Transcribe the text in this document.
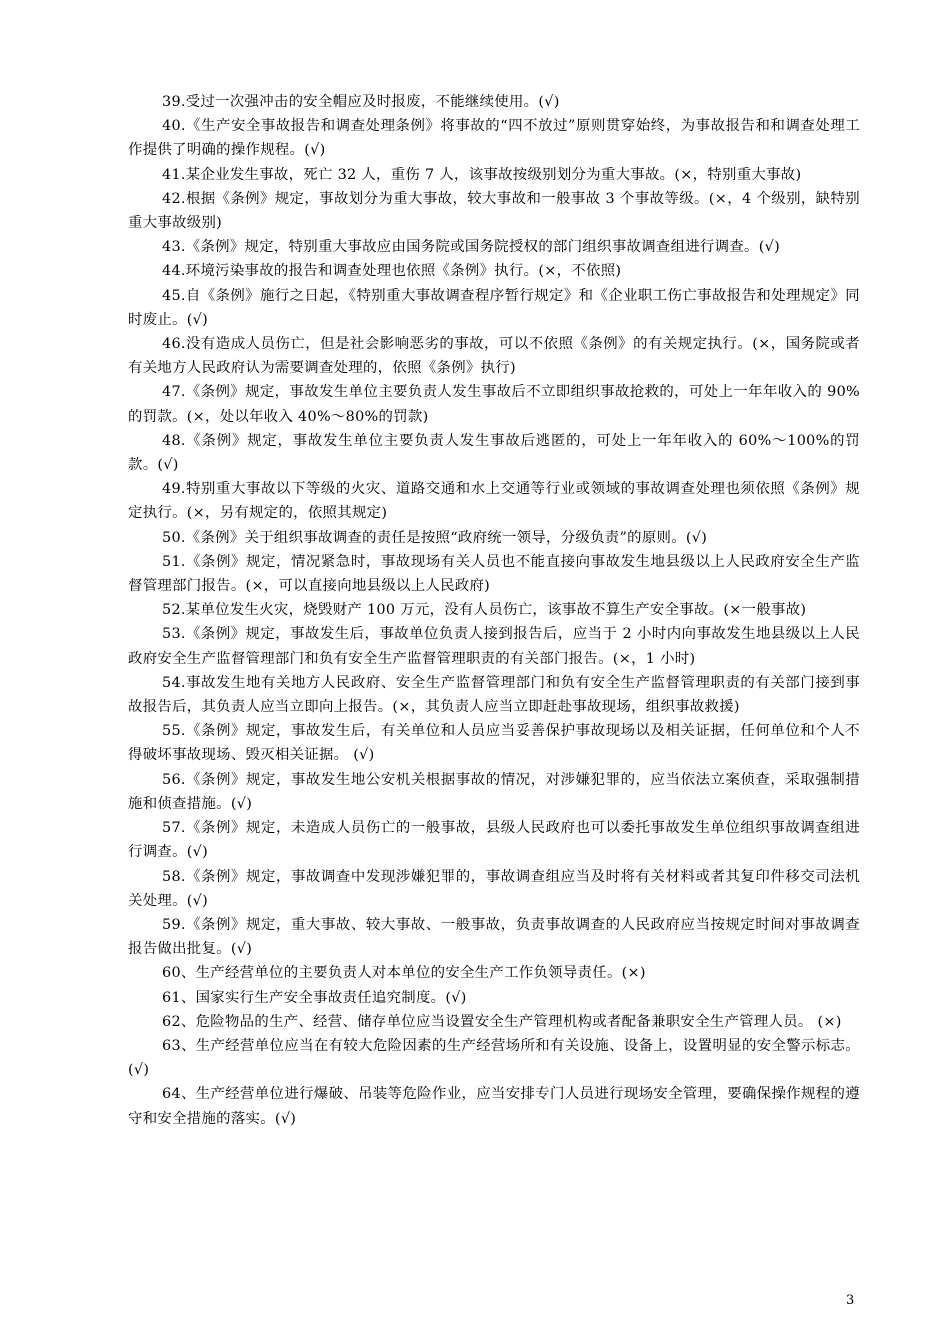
39.受过一次强冲击的安全帽应及时报废，不能继续使用。(√)

40.《生产安全事故报告和调查处理条例》将事故的“四不放过”原则贯穿始终，为事故报告和和调查处理工作提供了明确的操作规程。(√)

41.某企业发生事故，死亡 32 人，重伤 7 人，该事故按级别划分为重大事故。(×，特别重大事故)

42.根据《条例》规定，事故划分为重大事故，较大事故和一般事故 3 个事故等级。(×，4 个级别，缺特别重大事故级别)

43.《条例》规定，特别重大事故应由国务院或国务院授权的部门组织事故调查组进行调查。(√)

44.环境污染事故的报告和调查处理也依照《条例》执行。(×，不依照)

45.自《条例》施行之日起，《特别重大事故调查程序暂行规定》和《企业职工伤亡事故报告和处理规定》同时废止。(√)

46.没有造成人员伤亡，但是社会影响恶劣的事故，可以不依照《条例》的有关规定执行。(×，国务院或者有关地方人民政府认为需要调查处理的，依照《条例》执行)

47.《条例》规定，事故发生单位主要负责人发生事故后不立即组织事故抢救的，可处上一年年收入的 90%的罚款。(×，处以年收入 40%～80%的罚款)

48.《条例》规定，事故发生单位主要负责人发生事故后逃匿的，可处上一年年收入的 60%～100%的罚款。(√)

49.特别重大事故以下等级的火灾、道路交通和水上交通等行业或领域的事故调查处理也须依照《条例》规定执行。(×，另有规定的，依照其规定)

50.《条例》关于组织事故调查的责任是按照“政府统一领导，分级负责”的原则。(√)

51.《条例》规定，情况紧急时，事故现场有关人员也不能直接向事故发生地县级以上人民政府安全生产监督管理部门报告。(×，可以直接向地县级以上人民政府)

52.某单位发生火灾，烧毁财产 100 万元，没有人员伤亡，该事故不算生产安全事故。(×一般事故)

53.《条例》规定，事故发生后，事故单位负责人接到报告后，应当于 2 小时内向事故发生地县级以上人民政府安全生产监督管理部门和负有安全生产监督管理职责的有关部门报告。(×，1 小时)

54.事故发生地有关地方人民政府、安全生产监督管理部门和负有安全生产监督管理职责的有关部门接到事故报告后，其负责人应当立即向上报告。(×，其负责人应当立即赶赴事故现场，组织事故救援)

55.《条例》规定，事故发生后，有关单位和人员应当妥善保护事故现场以及相关证据，任何单位和个人不得破坏事故现场、毁灭相关证据。 (√)

56.《条例》规定，事故发生地公安机关根据事故的情况，对涉嫌犯罪的，应当依法立案侦查，采取强制措施和侦查措施。(√)

57.《条例》规定，未造成人员伤亡的一般事故，县级人民政府也可以委托事故发生单位组织事故调查组进行调查。(√)

58.《条例》规定，事故调查中发现涉嫌犯罪的，事故调查组应当及时将有关材料或者其复印件移交司法机关处理。(√)

59.《条例》规定，重大事故、较大事故、一般事故，负责事故调查的人民政府应当按规定时间对事故调查报告做出批复。(√)

60、生产经营单位的主要负责人对本单位的安全生产工作负领导责任。(×)

61、国家实行生产安全事故责任追究制度。(√)

62、危险物品的生产、经营、储存单位应当设置安全生产管理机构或者配备兼职安全生产管理人员。 (×)

63、生产经营单位应当在有较大危险因素的生产经营场所和有关设施、设备上，设置明显的安全警示标志。(√)

64、生产经营单位进行爆破、吊装等危险作业，应当安排专门人员进行现场安全管理，要确保操作规程的遵守和安全措施的落实。(√)

3
